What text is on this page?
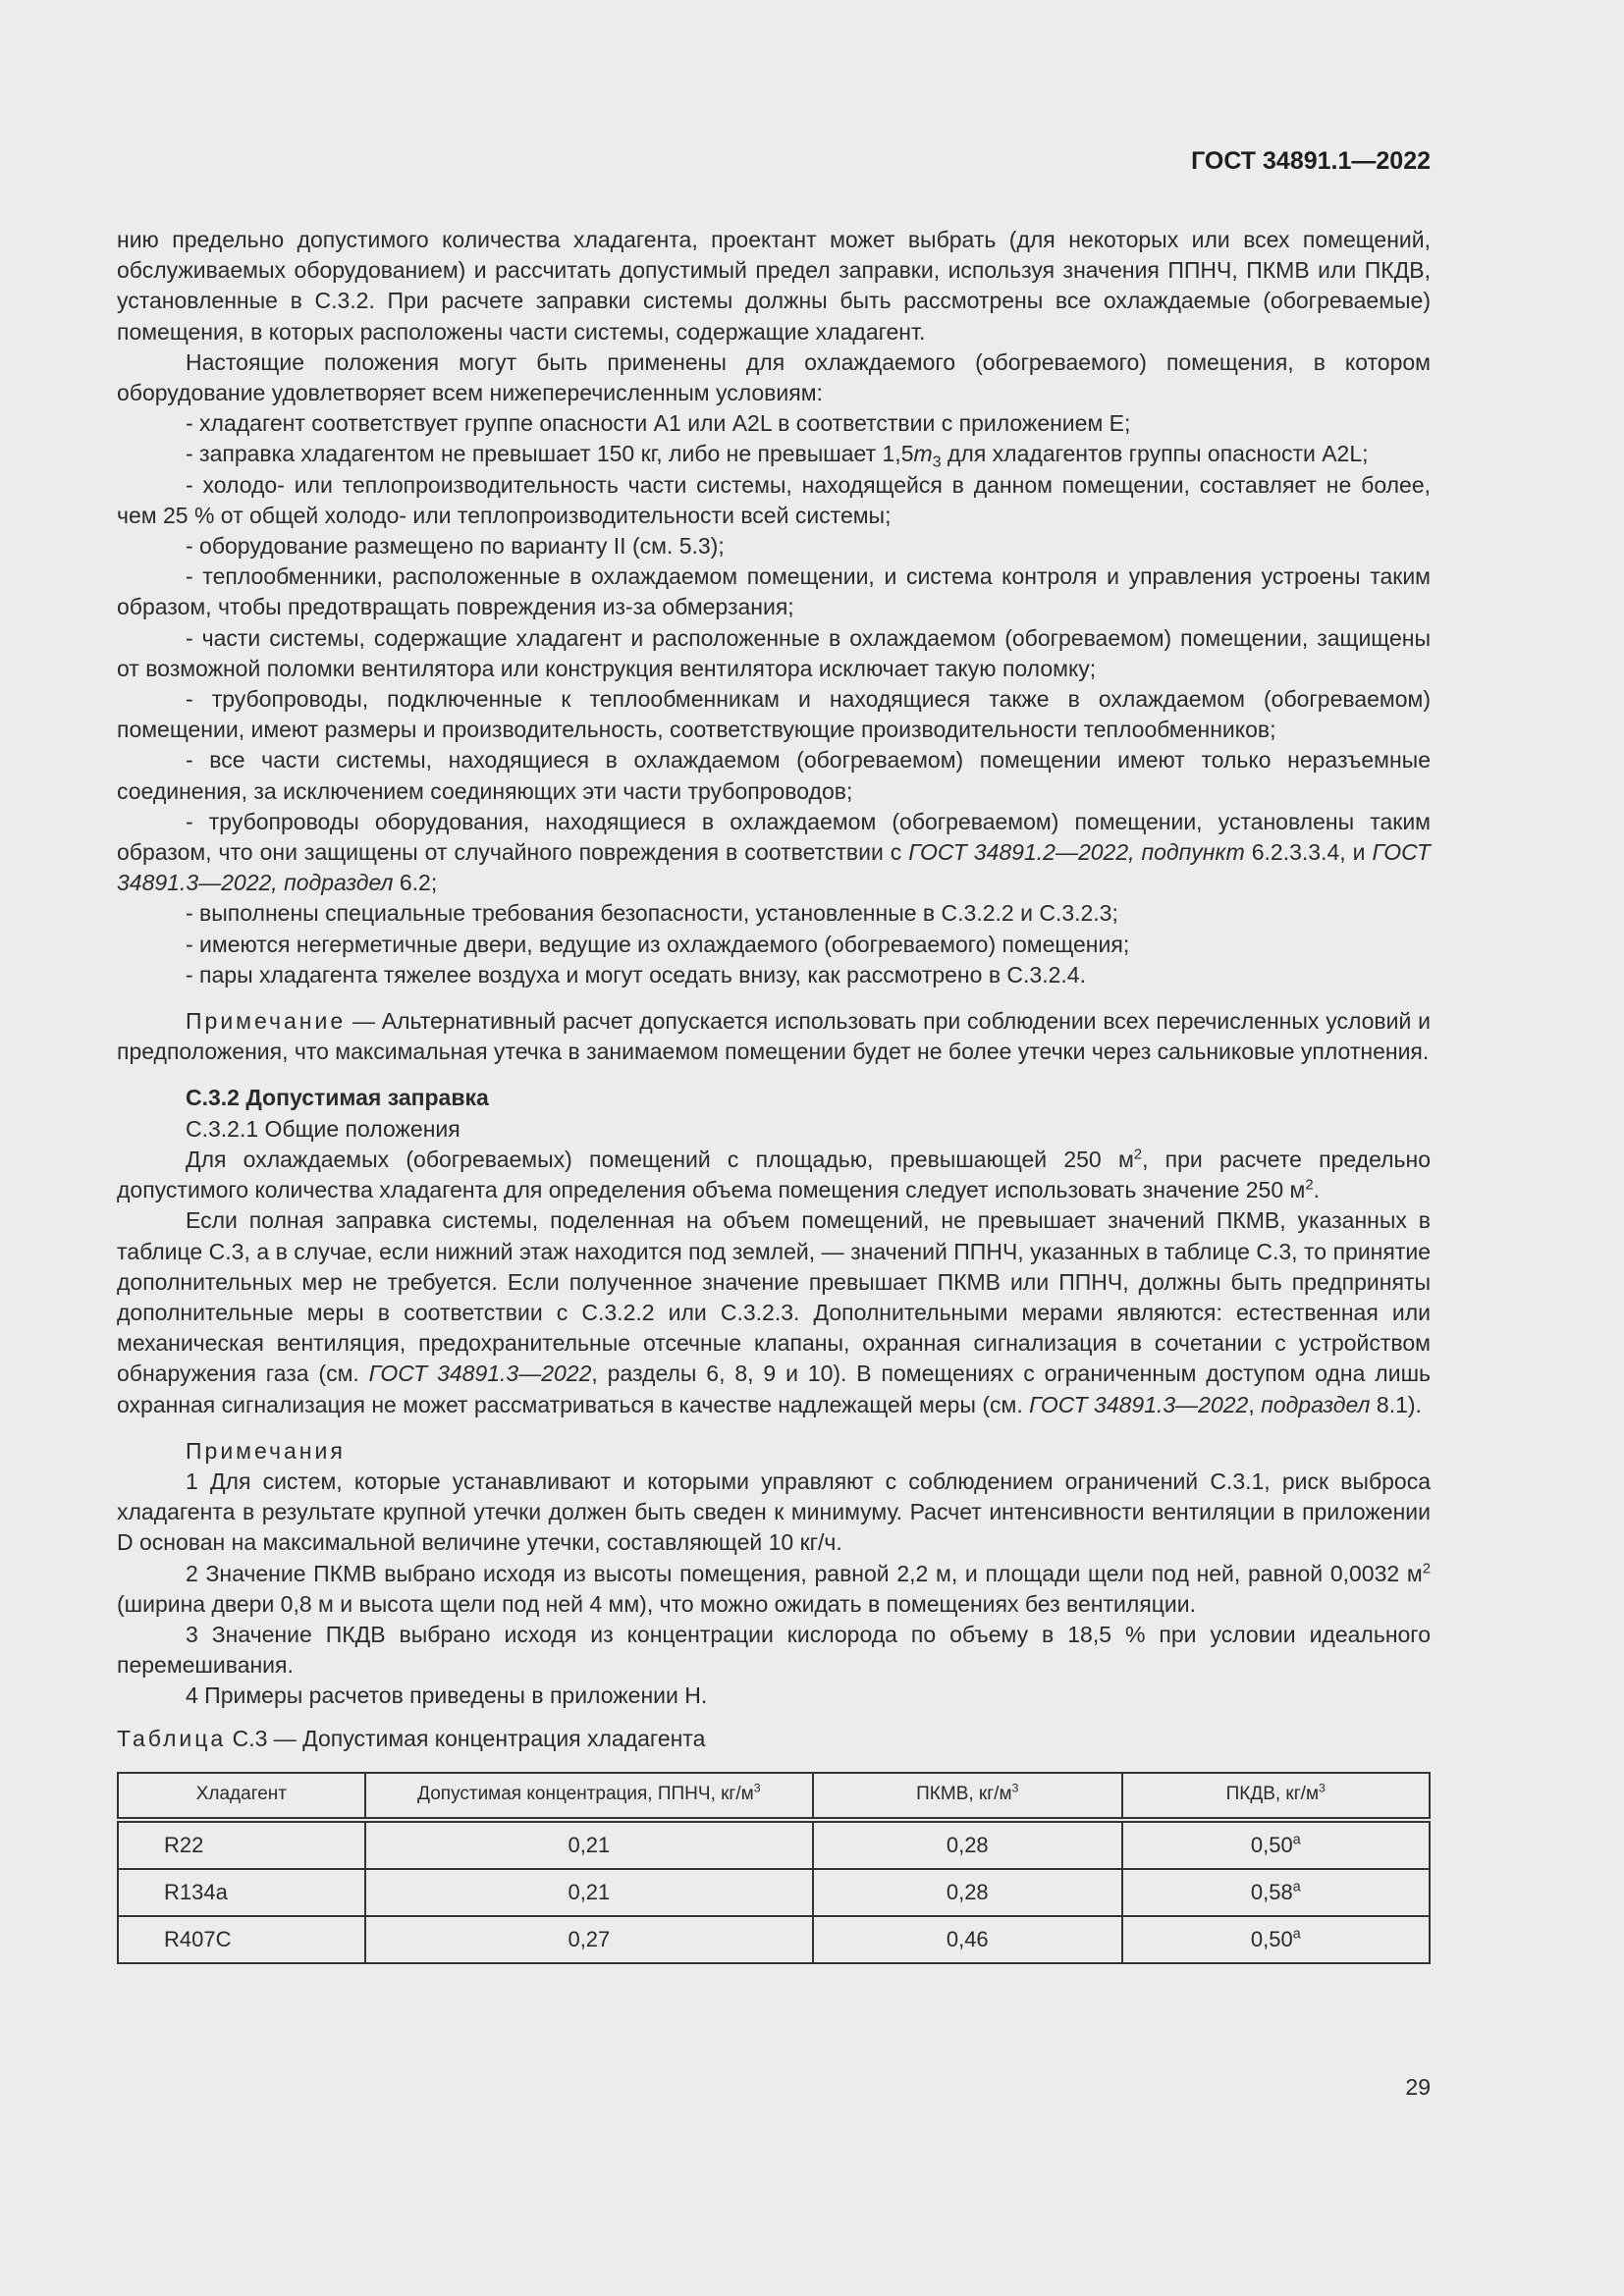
ГОСТ 34891.1—2022

нию предельно допустимого количества хладагента, проектант может выбрать (для некоторых или всех помещений, обслуживаемых оборудованием) и рассчитать допустимый предел заправки, используя значения ППНЧ, ПКМВ или ПКДВ, установленные в С.3.2. При расчете заправки системы должны быть рассмотрены все охлаждаемые (обогреваемые) помещения, в которых расположены части системы, содержащие хладагент.

Настоящие положения могут быть применены для охлаждаемого (обогреваемого) помещения, в котором оборудование удовлетворяет всем нижеперечисленным условиям:

- хладагент соответствует группе опасности А1 или A2L в соответствии с приложением Е;

- заправка хладагентом не превышает 150 кг, либо не превышает $1,5m_3$ для хладагентов группы опасности A2L;

- холодо- или теплопроизводительность части системы, находящейся в данном помещении, составляет не более, чем 25 % от общей холодо- или теплопроизводительности всей системы;

- оборудование размещено по варианту II (см. 5.3);

- теплообменники, расположенные в охлаждаемом помещении, и система контроля и управления устроены таким образом, чтобы предотвращать повреждения из-за обмерзания;

- части системы, содержащие хладагент и расположенные в охлаждаемом (обогреваемом) помещении, защищены от возможной поломки вентилятора или конструкция вентилятора исключает такую поломку;

- трубопроводы, подключенные к теплообменникам и находящиеся также в охлаждаемом (обогреваемом) помещении, имеют размеры и производительность, соответствующие производительности теплообменников;

- все части системы, находящиеся в охлаждаемом (обогреваемом) помещении имеют только неразъемные соединения, за исключением соединяющих эти части трубопроводов;

- трубопроводы оборудования, находящиеся в охлаждаемом (обогреваемом) помещении, установлены таким образом, что они защищены от случайного повреждения в соответствии с ГОСТ 34891.2—2022, подпункт 6.2.3.3.4, и ГОСТ 34891.3—2022, подраздел 6.2;

- выполнены специальные требования безопасности, установленные в С.3.2.2 и С.3.2.3;

- имеются негерметичные двери, ведущие из охлаждаемого (обогреваемого) помещения;

- пары хладагента тяжелее воздуха и могут оседать внизу, как рассмотрено в С.3.2.4.

Примечание — Альтернативный расчет допускается использовать при соблюдении всех перечисленных условий и предположения, что максимальная утечка в занимаемом помещении будет не более утечки через сальниковые уплотнения.

С.3.2 Допустимая заправка

С.3.2.1 Общие положения

Для охлаждаемых (обогреваемых) помещений с площадью, превышающей 250 $м^2$, при расчете предельно допустимого количества хладагента для определения объема помещения следует использовать значение 250 $м^2$.

Если полная заправка системы, поделенная на объем помещений, не превышает значений ПКМВ, указанных в таблице С.3, а в случае, если нижний этаж находится под землей, — значений ППНЧ, указанных в таблице С.3, то принятие дополнительных мер не требуется. Если полученное значение превышает ПКМВ или ППНЧ, должны быть предприняты дополнительные меры в соответствии с С.3.2.2 или С.3.2.3. Дополнительными мерами являются: естественная или механическая вентиляция, предохранительные отсечные клапаны, охранная сигнализация в сочетании с устройством обнаружения газа (см. ГОСТ 34891.3—2022, разделы 6, 8, 9 и 10). В помещениях с ограниченным доступом одна лишь охранная сигнализация не может рассматриваться в качестве надлежащей меры (см. ГОСТ 34891.3—2022, подраздел 8.1).

Примечания

1 Для систем, которые устанавливают и которыми управляют с соблюдением ограничений С.3.1, риск выброса хладагента в результате крупной утечки должен быть сведен к минимуму. Расчет интенсивности вентиляции в приложении D основан на максимальной величине утечки, составляющей 10 кг/ч.

2 Значение ПКМВ выбрано исходя из высоты помещения, равной 2,2 м, и площади щели под ней, равной 0,0032 $м^2$ (ширина двери 0,8 м и высота щели под ней 4 мм), что можно ожидать в помещениях без вентиляции.

3 Значение ПКДВ выбрано исходя из концентрации кислорода по объему в 18,5 % при условии идеального перемешивания.

4 Примеры расчетов приведены в приложении Н.

Таблица С.3 — Допустимая концентрация хладагента

Хладагент	Допустимая концентрация, ППНЧ, $кг/м^3$	ПКМВ, $кг/м^3$	ПКДВ, $кг/м^3$
R22	0,21	0,28	0,50$^a$
R134a	0,21	0,28	0,58$^a$
R407C	0,27	0,46	0,50$^a$
29
